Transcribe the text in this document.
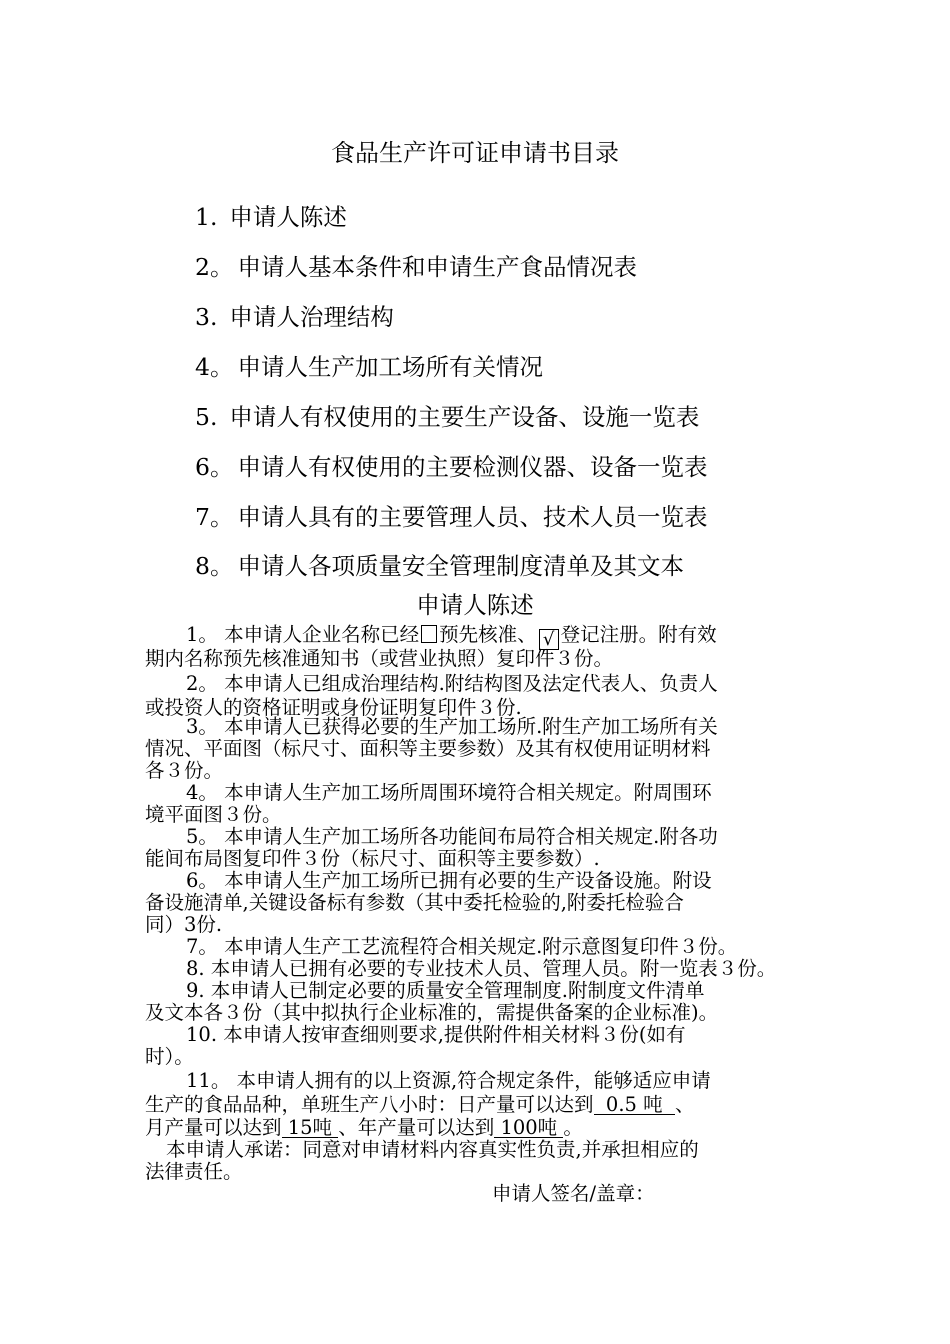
食品生产许可证申请书目录
1. 申请人陈述
2。 申请人基本条件和申请生产食品情况表
3. 申请人治理结构
4。 申请人生产加工场所有关情况
5. 申请人有权使用的主要生产设备、设施一览表
6。 申请人有权使用的主要检测仪器、设备一览表
7。 申请人具有的主要管理人员、技术人员一览表
8。 申请人各项质量安全管理制度清单及其文本
申请人陈述
1。 本申请人企业名称已经 预先核准、 √ 登记注册。附有效
期内名称预先核准通知书（或营业执照）复印件３份。
2。 本申请人已组成治理结构.附结构图及法定代表人、负责人
或投资人的资格证明或身份证明复印件３份.
3。 本申请人已获得必要的生产加工场所.附生产加工场所有关
情况、平面图（标尺寸、面积等主要参数）及其有权使用证明材料
各３份。
4。 本申请人生产加工场所周围环境符合相关规定。附周围环
境平面图３份。
5。 本申请人生产加工场所各功能间布局符合相关规定.附各功
能间布局图复印件３份（标尺寸、面积等主要参数）.
6。 本申请人生产加工场所已拥有必要的生产设备设施。附设
备设施清单,关键设备标有参数（其中委托检验的,附委托检验合
同）3份.
7。 本申请人生产工艺流程符合相关规定.附示意图复印件３份。
8. 本申请人已拥有必要的专业技术人员、管理人员。附一览表３份。
9. 本申请人已制定必要的质量安全管理制度.附制度文件清单
及文本各３份（其中拟执行企业标准的，需提供备案的企业标准)。
10. 本申请人按审查细则要求,提供附件相关材料３份(如有
时）。
11。 本申请人拥有的以上资源,符合规定条件，能够适应申请
生产的食品品种，单班生产八小时：日产量可以达到  0.5 吨  、
月产量可以达到 15吨 、年产量可以达到 100吨 。
本申请人承诺：同意对申请材料内容真实性负责,并承担相应的
法律责任。
申请人签名/盖章：
